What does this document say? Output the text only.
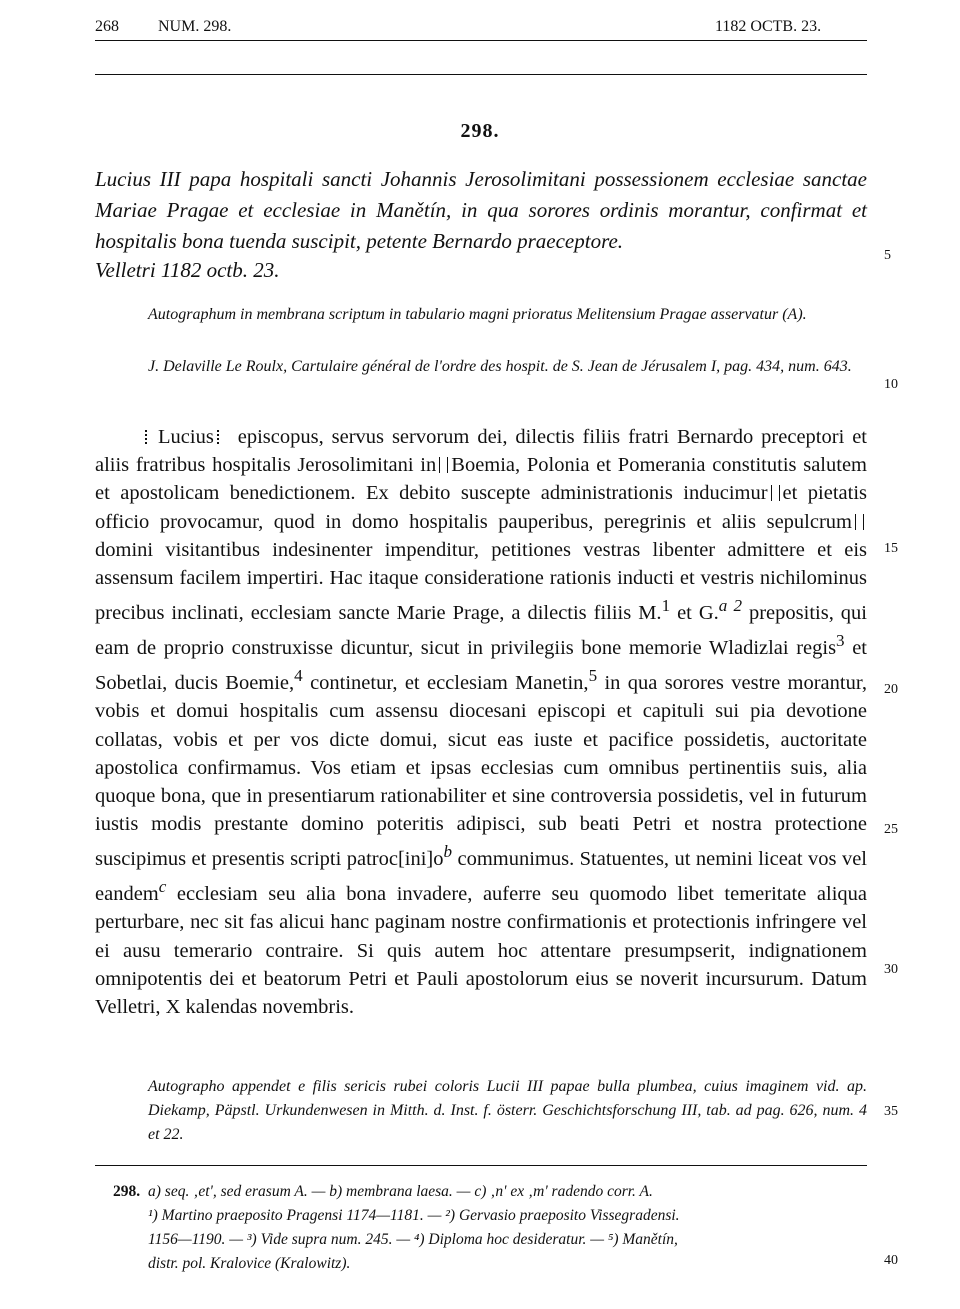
268 NUM. 298.	1182 OCTB. 23.
298.
Lucius III papa hospitali sancti Johannis Jerosolimitani possessionem ecclesiae sanctae Mariae Pragae et ecclesiae in Manětín, in qua sorores ordinis morantur, confirmat et hospitalis bona tuenda suscipit, petente Bernardo praeceptore.
Velletri 1182 octb. 23.
Autographum in membrana scriptum in tabulario magni prioratus Melitensium Pragae asservatur (A).
J. Delaville Le Roulx, Cartulaire général de l'ordre des hospit. de S. Jean de Jérusalem I, pag. 434, num. 643.
Lucius episcopus, servus servorum dei, dilectis filiis fratri Bernardo preceptori et aliis fratribus hospitalis Jerosolimitani in Boemia, Polonia et Pomerania constitutis salutem et apostolicam benedictionem. Ex debito suscepte administrationis inducimur et pietatis officio provocamur, quod in domo hospitalis pauperibus, peregrinis et aliis sepulcrumdomini visitantibus indesinenter impenditur, petitiones vestras libenter admittere et eis assensum facilem impertiri. Hac itaque consideratione rationis inducti et vestris nichilominus precibus inclinati, ecclesiam sancte Marie Prage, a dilectis filiis M.$^1$ et G.$^{a 2}$ prepositis, qui eam de proprio construxisse dicuntur, sicut in privilegiis bone memorie Wladizlai regis$^3$ et Sobetlai, ducis Boemie,$^4$ continetur, et ecclesiam Manetin,$^5$ in qua sorores vestre morantur, vobis et domui hospitalis cum assensu diocesani episcopi et capituli sui pia devotione collatas, vobis et per vos dicte domui, sicut eas iuste et pacifice possidetis, auctoritate apostolica confirmamus. Vos etiam et ipsas ecclesias cum omnibus pertinentiis suis, alia quoque bona, que in presentiarum rationabiliter et sine controversia possidetis, vel in futurum iustis modis prestante domino poteritis adipisci, sub beati Petri et nostra protectione suscipimus et presentis scripti $patroc[ini]o^b$ communimus. Statuentes, ut nemini liceat vos vel eandem$^c$ ecclesiam seu alia bona invadere, auferre seu quomodo libet temeritate aliqua perturbare, nec sit fas alicui hanc paginam nostre confirmationis et protectionis infringere vel ei ausu temerario contraire. Si quis autem hoc attentare presumpserit, indignationem omnipotentis dei et beatorum Petri et Pauli apostolorum eius se noverit incursurum. Datum Velletri, X kalendas novembris.
Autographo appendet e filis sericis rubei coloris Lucii III papae bulla plumbea, cuius imaginem vid. ap. Diekamp, Päpstl. Urkundenwesen in Mitth. d. Inst. f. österr. Geschichtsforschung III, tab. ad pag. 626, num. 4 et 22.
298. a) seq. ‚et', sed erasum A. — b) membrana laesa. — c) ‚n' ex ‚m' radendo corr. A.
¹) Martino praeposito Pragensi 1174—1181. — ²) Gervasio praeposito Vissegradensi.
1156—1190. — ³) Vide supra num. 245. — ⁴) Diploma hoc desideratur. — ⁵) Manětín,
distr. pol. Kralovice (Kralowitz).
5
10
15
20
25
30
35
40
